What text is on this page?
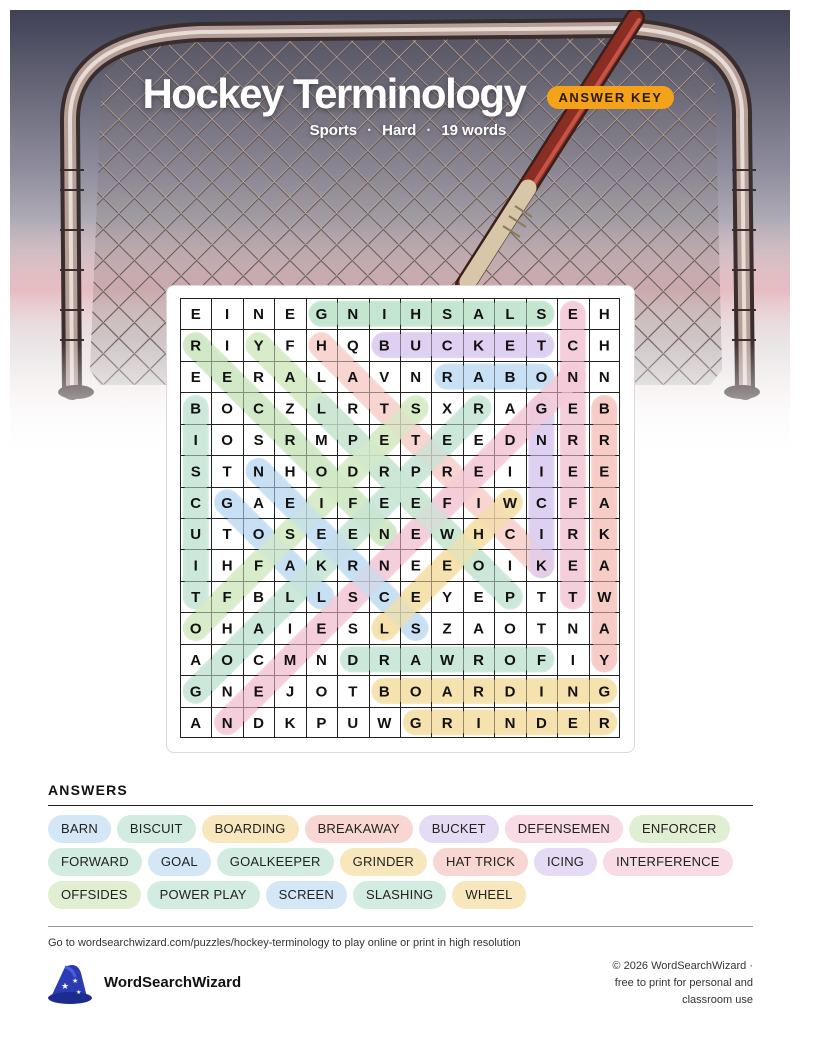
Hockey Terminology	ANSWER KEY
Sports · Hard · 19 words
E I N E G N I H S A L S E H
R I Y F H Q B U C K E T C H
E E R A L A V N R A B O N N
B O C Z L R T S X R A G E B
I O S R M P E T E E D N R R
S T N H O D R P R E I I E E
C G A E I F E E F I W C F A
U T O S E E N E W H C I R K
I H F A K R N E E O I K E A
T F B L L S C E Y E P T T W
O H A I E S L S Z A O T N A
A O C M N D R A W R O F I Y
G N E J O T B O A R D I N G
A N D K P U W G R I N D E R
ANSWERS
BARN BISCUIT BOARDING BREAKAWAY BUCKET DEFENSEMEN ENFORCERFORWARD GOAL GOALKEEPER GRINDER HAT TRICK ICING INTERFERENCEOFFSIDES POWER PLAY SCREEN SLASHING WHEEL
Go to wordsearchwizard.com/puzzles/hockey-terminology to play online or print in high resolution
★
★
★
WordSearchWizard
© 2026 WordSearchWizard ·
free to print for personal and
classroom use
